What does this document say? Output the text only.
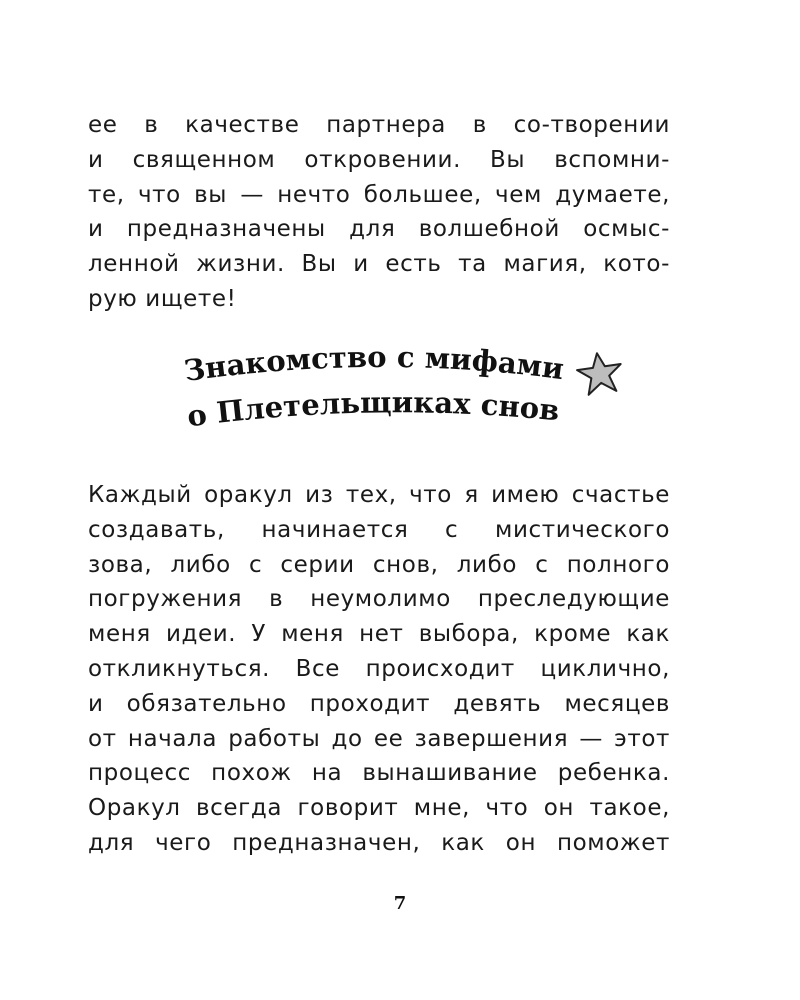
ее в качестве партнера в со-творении
и священном откровении. Вы вспомни-
те, что вы — нечто большее, чем думаете,
и предназначены для волшебной осмыс-
ленной жизни. Вы и есть та магия, кото-
рую ищете!
Знакомство с мифами
о Плетельщиках снов
Каждый оракул из тех, что я имею счастье
создавать, начинается с мистического
зова, либо с серии снов, либо с полного
погружения в неумолимо преследующие
меня идеи. У меня нет выбора, кроме как
откликнуться. Все происходит циклично,
и обязательно проходит девять месяцев
от начала работы до ее завершения — этот
процесс похож на вынашивание ребенка.
Оракул всегда говорит мне, что он такое,
для чего предназначен, как он поможет
7
